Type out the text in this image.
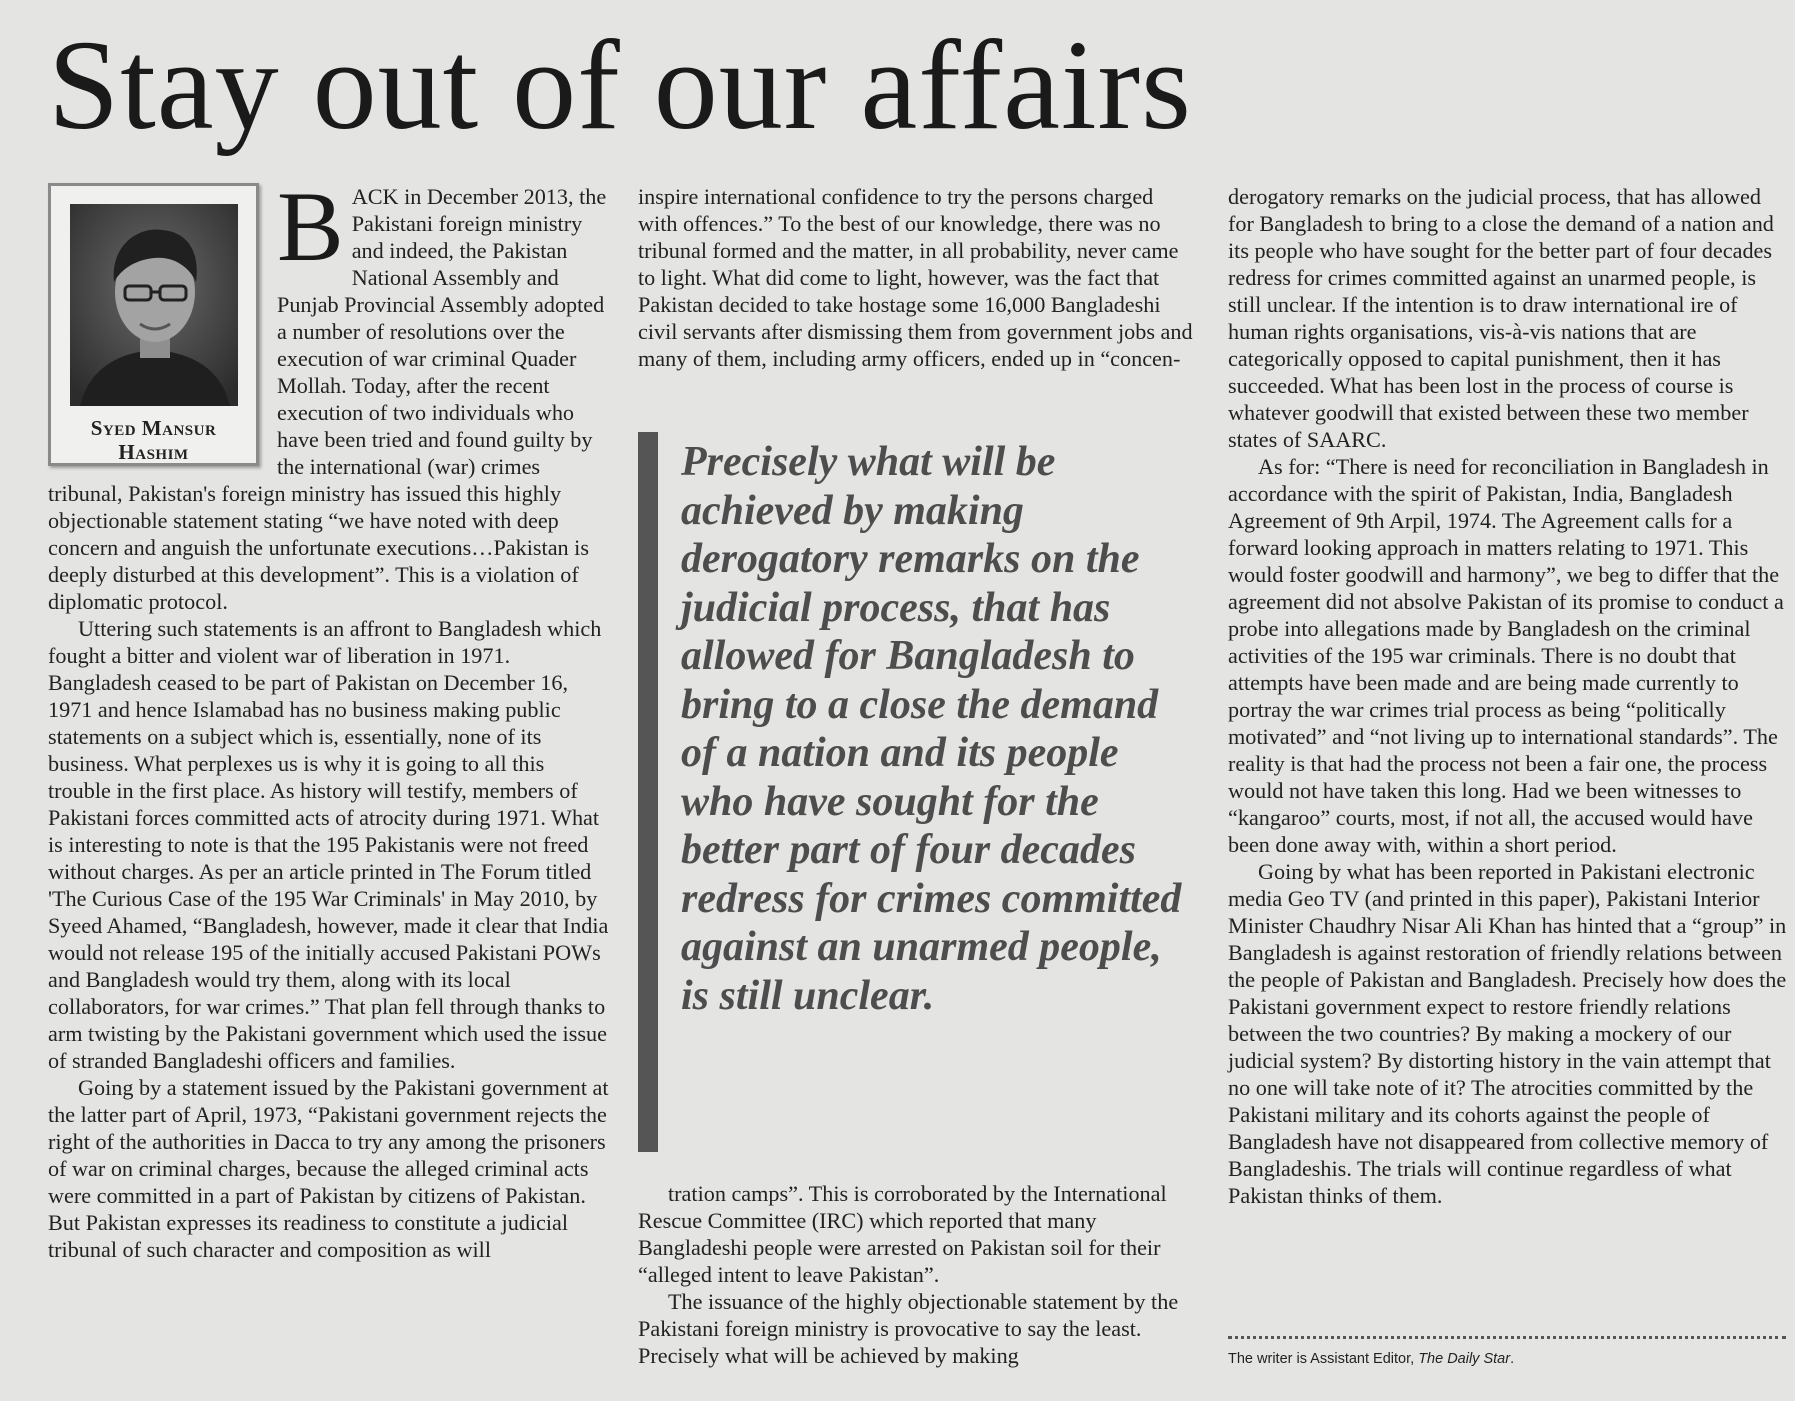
Stay out of our affairs
Syed Mansur
Hashim

BACK in December 2013, the Pakistani foreign ministry and indeed, the Pakistan National Assembly and Punjab Provincial Assembly adopted a number of resolutions over the execution of war criminal Quader Mollah. Today, after the recent execution of two individuals who have been tried and found guilty by the international (war) crimes tribunal, Pakistan's foreign ministry has issued this highly objectionable statement stating “we have noted with deep concern and anguish the unfortunate executions…Pakistan is deeply disturbed at this development”. This is a violation of diplomatic protocol.

Uttering such statements is an affront to Bangladesh which fought a bitter and violent war of liberation in 1971. Bangladesh ceased to be part of Pakistan on December 16, 1971 and hence Islamabad has no business making public statements on a subject which is, essentially, none of its business. What perplexes us is why it is going to all this trouble in the first place. As history will testify, members of Pakistani forces committed acts of atrocity during 1971. What is interesting to note is that the 195 Pakistanis were not freed without charges. As per an article printed in The Forum titled 'The Curious Case of the 195 War Criminals' in May 2010, by Syeed Ahamed, “Bangladesh, however, made it clear that India would not release 195 of the initially accused Pakistani POWs and Bangladesh would try them, along with its local collaborators, for war crimes.” That plan fell through thanks to arm twisting by the Pakistani government which used the issue of stranded Bangladeshi officers and families.

Going by a statement issued by the Pakistani government at the latter part of April, 1973, “Pakistani government rejects the right of the authorities in Dacca to try any among the prisoners of war on criminal charges, because the alleged criminal acts were committed in a part of Pakistan by citizens of Pakistan. But Pakistan expresses its readiness to constitute a judicial tribunal of such character and composition as will

inspire international confidence to try the persons charged with offences.” To the best of our knowledge, there was no tribunal formed and the matter, in all probability, never came to light. What did come to light, however, was the fact that Pakistan decided to take hostage some 16,000 Bangladeshi civil servants after dismissing them from government jobs and many of them, including army officers, ended up in “concen-

Precisely what will be achieved by making derogatory remarks on the judicial process, that has allowed for Bangladesh to bring to a close the demand of a nation and its people who have sought for the better part of four decades redress for crimes committed against an unarmed people, is still unclear.

tration camps”. This is corroborated by the International Rescue Committee (IRC) which reported that many Bangladeshi people were arrested on Pakistan soil for their “alleged intent to leave Pakistan”.

The issuance of the highly objectionable statement by the Pakistani foreign ministry is provocative to say the least. Precisely what will be achieved by making

derogatory remarks on the judicial process, that has allowed for Bangladesh to bring to a close the demand of a nation and its people who have sought for the better part of four decades redress for crimes committed against an unarmed people, is still unclear. If the intention is to draw international ire of human rights organisations, vis-à-vis nations that are categorically opposed to capital punishment, then it has succeeded. What has been lost in the process of course is whatever goodwill that existed between these two member states of SAARC.

As for: “There is need for reconciliation in Bangladesh in accordance with the spirit of Pakistan, India, Bangladesh Agreement of 9th Arpil, 1974. The Agreement calls for a forward looking approach in matters relating to 1971. This would foster goodwill and harmony”, we beg to differ that the agreement did not absolve Pakistan of its promise to conduct a probe into allegations made by Bangladesh on the criminal activities of the 195 war criminals. There is no doubt that attempts have been made and are being made currently to portray the war crimes trial process as being “politically motivated” and “not living up to international standards”. The reality is that had the process not been a fair one, the process would not have taken this long. Had we been witnesses to “kangaroo” courts, most, if not all, the accused would have been done away with, within a short period.

Going by what has been reported in Pakistani electronic media Geo TV (and printed in this paper), Pakistani Interior Minister Chaudhry Nisar Ali Khan has hinted that a “group” in Bangladesh is against restoration of friendly relations between the people of Pakistan and Bangladesh. Precisely how does the Pakistani government expect to restore friendly relations between the two countries? By making a mockery of our judicial system? By distorting history in the vain attempt that no one will take note of it? The atrocities committed by the Pakistani military and its cohorts against the people of Bangladesh have not disappeared from collective memory of Bangladeshis. The trials will continue regardless of what Pakistan thinks of them.

The writer is Assistant Editor, The Daily Star.
